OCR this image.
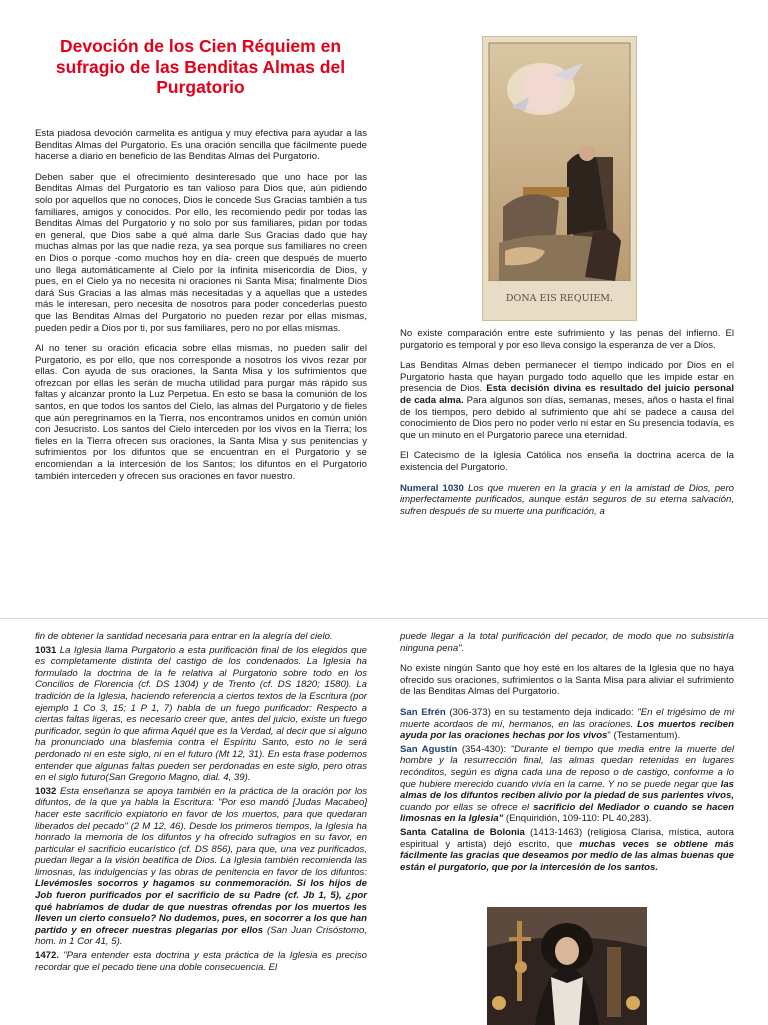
Devoción de los Cien Réquiem en sufragio de las Benditas Almas del Purgatorio

Esta piadosa devoción carmelita es antigua y muy efectiva para ayudar a las Benditas Almas del Purgatorio. Es una oración sencilla que fácilmente puede hacerse a diario en beneficio de las Benditas Almas del Purgatorio.

Deben saber que el ofrecimiento desinteresado que uno hace por las Benditas Almas del Purgatorio es tan valioso para Dios que, aún pidiendo solo por aquellos que no conoces, Dios le concede Sus Gracias también a tus familiares, amigos y conocidos. Por ello, les recomiendo pedir por todas las Benditas Almas del Purgatorio y no solo por sus familiares, pidan por todas en general, que Dios sabe a qué alma darle Sus Gracias dado que hay muchas almas por las que nadie reza, ya sea porque sus familiares no creen en Dios o porque -como muchos hoy en día- creen que después de muerto uno llega automáticamente al Cielo por la infinita misericordia de Dios, y pues, en el Cielo ya no necesita ni oraciones ni Santa Misa; finalmente Dios dará Sus Gracias a las almas más necesitadas y a aquellas que a ustedes más le interesan, pero necesita de nosotros para poder concederlas puesto que las Benditas Almas del Purgatorio no pueden rezar por ellas mismas, pueden pedir a Dios por ti, por sus familiares, pero no por ellas mismas.

Al no tener su oración eficacia sobre ellas mismas, no pueden salir del Purgatorio, es por ello, que nos corresponde a nosotros los vivos rezar por ellas. Con ayuda de sus oraciones, la Santa Misa y los sufrimientos que ofrezcan por ellas les serán de mucha utilidad para purgar más rápido sus faltas y alcanzar pronto la Luz Perpetua. En esto se basa la comunión de los santos, en que todos los santos del Cielo, las almas del Purgatorio y de fieles que aún peregrinamos en la Tierra, nos encontramos unidos en común unión con Jesucristo. Los santos del Cielo interceden por los vivos en la Tierra; los fieles en la Tierra ofrecen sus oraciones, la Santa Misa y sus penitencias y sufrimientos por los difuntos que se encuentran en el Purgatorio y se encomiendan a la intercesión de los Santos; los difuntos en el Purgatorio también interceden y ofrecen sus oraciones en favor nuestro.

DONA EIS REQUIEM.

No existe comparación entre este sufrimiento y las penas del infierno. El purgatorio es temporal y por eso lleva consigo la esperanza de ver a Dios.

Las Benditas Almas deben permanecer el tiempo indicado por Dios en el Purgatorio hasta que hayan purgado todo aquello que les impide estar en presencia de Dios. Esta decisión divina es resultado del juicio personal de cada alma. Para algunos son días, semanas, meses, años o hasta el final de los tiempos, pero debido al sufrimiento que ahí se padece a causa del conocimiento de Dios pero no poder verlo ni estar en Su presencia todavía, es que un minuto en el Purgatorio parece una eternidad.

El Catecismo de la Iglesia Católica nos enseña la doctrina acerca de la existencia del Purgatorio.

Numeral 1030 Los que mueren en la gracia y en la amistad de Dios, pero imperfectamente purificados, aunque están seguros de su eterna salvación, sufren después de su muerte una purificación, a

fin de obtener la santidad necesaria para entrar en la alegría del cielo.

1031 La Iglesia llama Purgatorio a esta purificación final de los elegidos que es completamente distinta del castigo de los condenados. La Iglesia ha formulado la doctrina de la fe relativa al Purgatorio sobre todo en los Concilios de Florencia (cf. DS 1304) y de Trento (cf. DS 1820; 1580). La tradición de la Iglesia, haciendo referencia a ciertos textos de la Escritura (por ejemplo 1 Co 3, 15; 1 P 1, 7) habla de un fuego purificador: Respecto a ciertas faltas ligeras, es necesario creer que, antes del juicio, existe un fuego purificador, según lo que afirma Aquél que es la Verdad, al decir que si alguno ha pronunciado una blasfemia contra el Espíritu Santo, esto no le será perdonado ni en este siglo, ni en el futuro (Mt 12, 31). En esta frase podemos entender que algunas faltas pueden ser perdonadas en este siglo, pero otras en el siglo futuro(San Gregorio Magno, dial. 4, 39).

1032 Esta enseñanza se apoya también en la práctica de la oración por los difuntos, de la que ya habla la Escritura: "Por eso mandó [Judas Macabeo] hacer este sacrificio expiatorio en favor de los muertos, para que quedaran liberados del pecado" (2 M 12, 46). Desde los primeros tiempos, la Iglesia ha honrado la memoria de los difuntos y ha ofrecido sufragios en su favor, en particular el sacrificio eucarístico (cf. DS 856), para que, una vez purificados, puedan llegar a la visión beatífica de Dios. La Iglesia también recomienda las limosnas, las indulgencias y las obras de penitencia en favor de los difuntos: Llevémosles socorros y hagamos su conmemoración. Si los hijos de Job fueron purificados por el sacrificio de su Padre (cf. Jb 1, 5), ¿por qué habríamos de dudar de que nuestras ofrendas por los muertos les lleven un cierto consuelo? No dudemos, pues, en socorrer a los que han partido y en ofrecer nuestras plegarias por ellos (San Juan Crisóstomo, hom. in 1 Cor 41, 5).

1472. "Para entender esta doctrina y esta práctica de la Iglesia es preciso recordar que el pecado tiene una doble consecuencia. El

puede llegar a la total purificación del pecador, de modo que no subsistiría ninguna pena".

No existe ningún Santo que hoy esté en los altares de la Iglesia que no haya ofrecido sus oraciones, sufrimientos o la Santa Misa para aliviar el sufrimiento de las Benditas Almas del Purgatorio.

San Efrén (306-373) en su testamento deja indicado: "En el trigésimo de mi muerte acordaos de mí, hermanos, en las oraciones. Los muertos reciben ayuda por las oraciones hechas por los vivos" (Testamentum).

San Agustín (354-430): "Durante el tiempo que media entre la muerte del hombre y la resurrección final, las almas quedan retenidas en lugares recónditos, según es digna cada una de reposo o de castigo, conforme a lo que hubiere merecido cuando vivía en la carne. Y no se puede negar que las almas de los difuntos reciben alivio por la piedad de sus parientes vivos, cuando por ellas se ofrece el sacrificio del Mediador o cuando se hacen limosnas en la Iglesia" (Enquiridión, 109-110: PL 40,283).

Santa Catalina de Bolonia (1413-1463) (religiosa Clarisa, mística, autora espiritual y artista) dejó escrito, que muchas veces se obtiene más fácilmente las gracias que deseamos por medio de las almas buenas que están el purgatorio, que por la intercesión de los santos.
